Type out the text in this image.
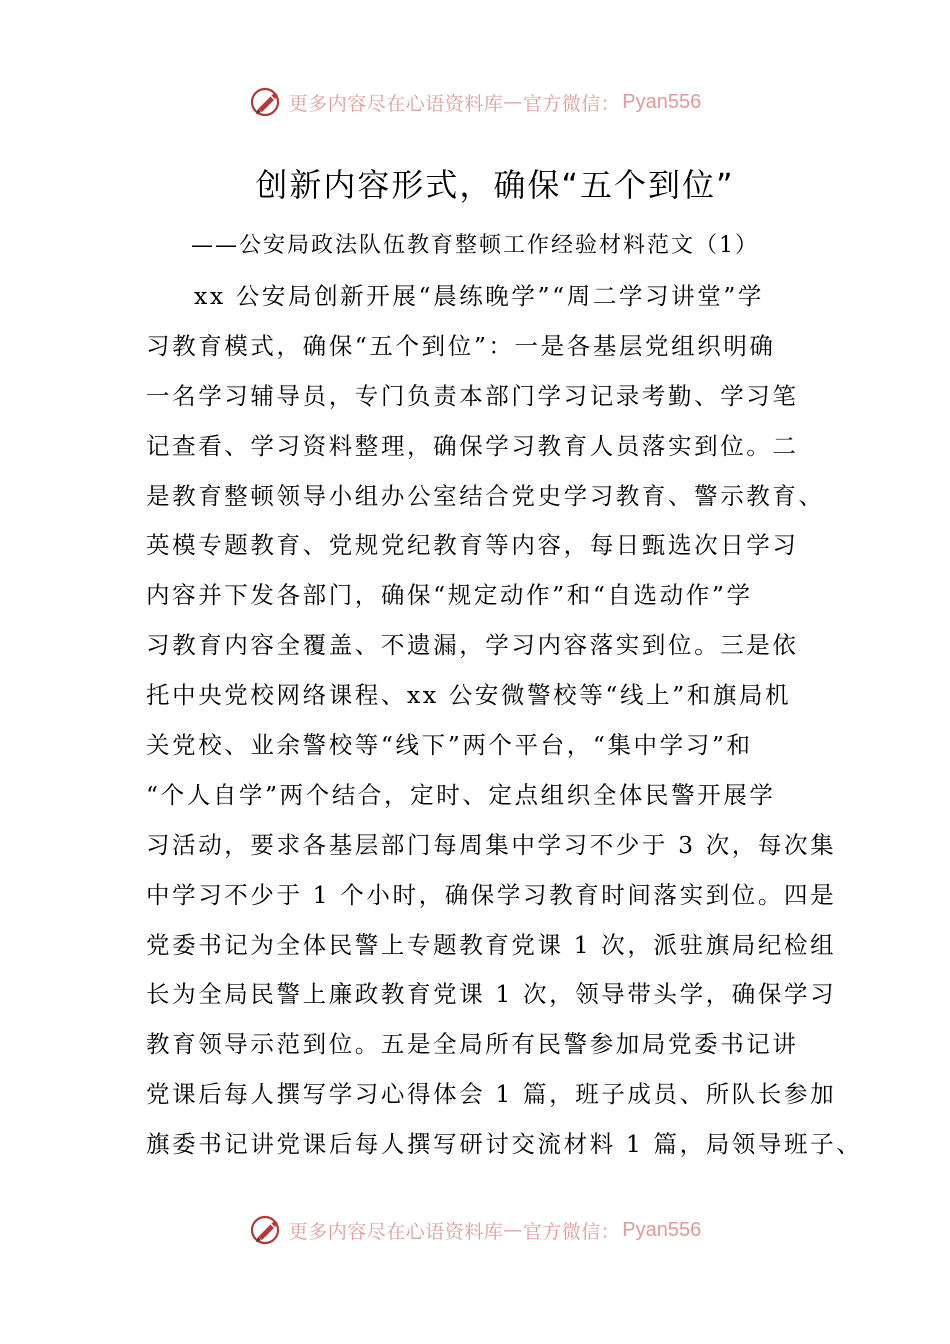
更多内容尽在心语资料库 — 官方微信： Pyan556
创新内容形式，确保“五个到位”
——公安局政法队伍教育整顿工作经验材料范文（1）
xx 公安局创新开展“晨练晚学”“周二学习讲堂”学
习教育模式，确保“五个到位”：一是各基层党组织明确
一名学习辅导员，专门负责本部门学习记录考勤、学习笔
记查看、学习资料整理，确保学习教育人员落实到位。二
是教育整顿领导小组办公室结合党史学习教育、警示教育、
英模专题教育、党规党纪教育等内容，每日甄选次日学习
内容并下发各部门，确保“规定动作”和“自选动作”学
习教育内容全覆盖、不遗漏，学习内容落实到位。三是依
托中央党校网络课程、xx 公安微警校等“线上”和旗局机
关党校、业余警校等“线下”两个平台，“集中学习”和
“个人自学”两个结合，定时、定点组织全体民警开展学
习活动，要求各基层部门每周集中学习不少于 3 次，每次集
中学习不少于 1 个小时，确保学习教育时间落实到位。四是
党委书记为全体民警上专题教育党课 1 次，派驻旗局纪检组
长为全局民警上廉政教育党课 1 次，领导带头学，确保学习
教育领导示范到位。五是全局所有民警参加局党委书记讲
党课后每人撰写学习心得体会 1 篇，班子成员、所队长参加
旗委书记讲党课后每人撰写研讨交流材料 1 篇，局领导班子、
更多内容尽在心语资料库 — 官方微信： Pyan556
